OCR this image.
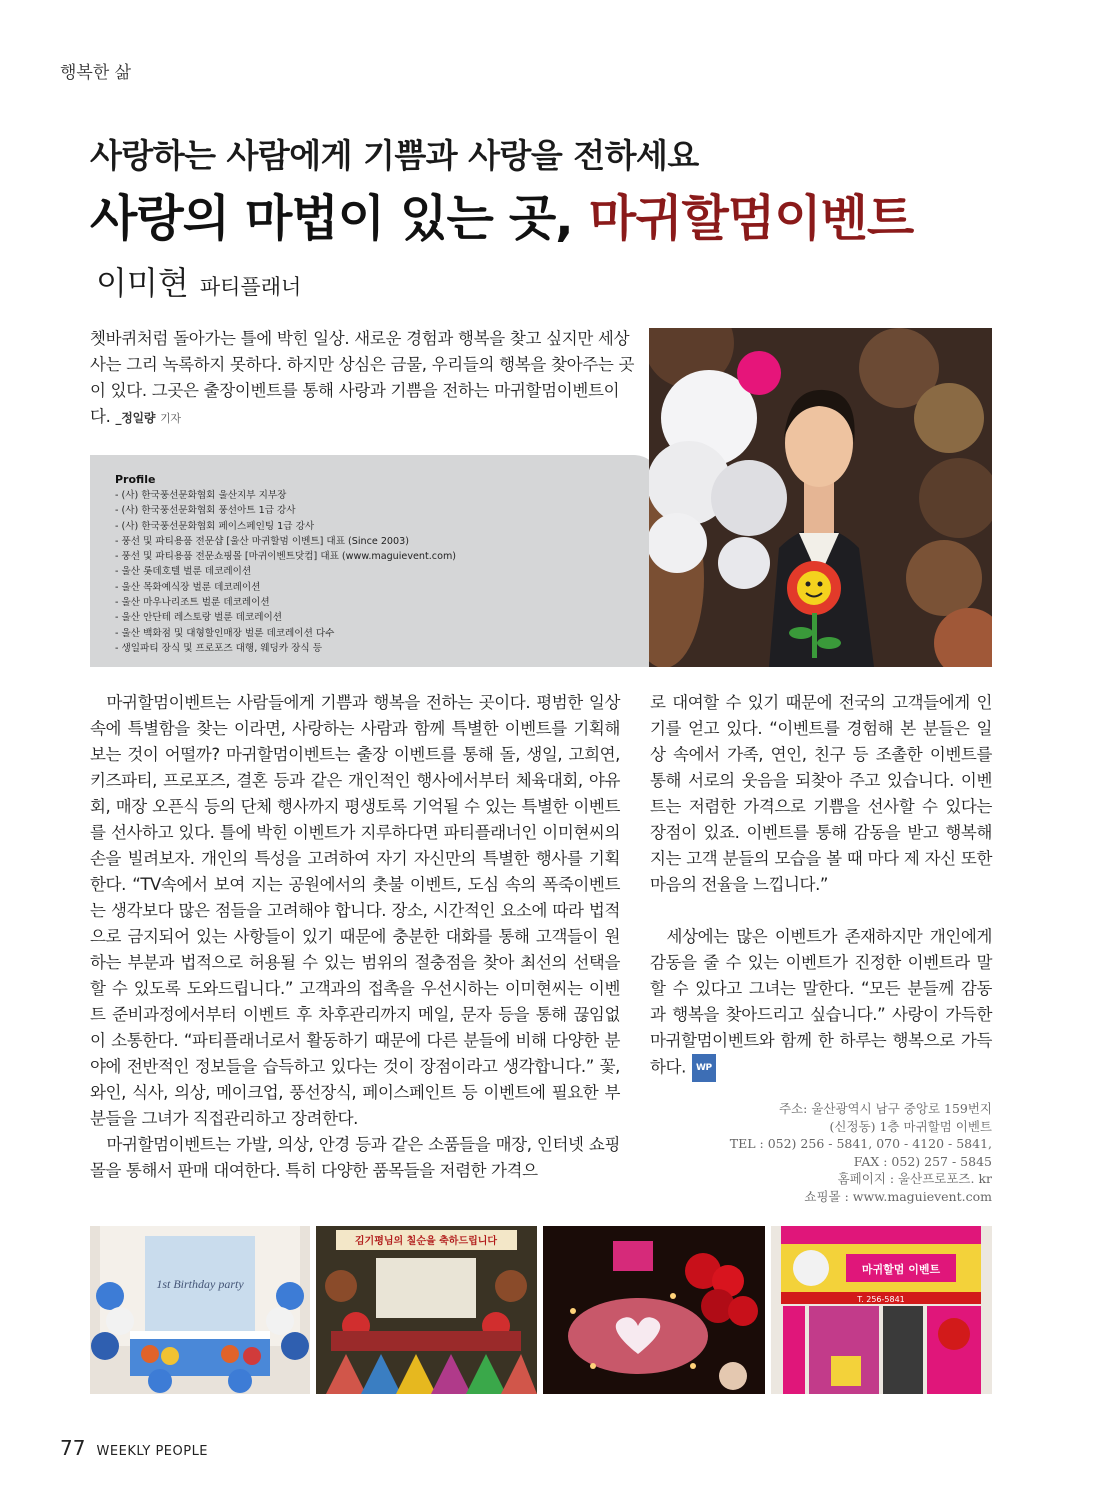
행복한 삶
사랑하는 사람에게 기쁨과 사랑을 전하세요
사랑의 마법이 있는 곳, 마귀할멈이벤트
이미현 파티플래너
쳇바퀴처럼 돌아가는 틀에 박힌 일상. 새로운 경험과 행복을 찾고 싶지만 세상사는 그리 녹록하지 못하다. 하지만 상심은 금물, 우리들의 행복을 찾아주는 곳이 있다. 그곳은 출장이벤트를 통해 사랑과 기쁨을 전하는 마귀할멈이벤트이다. _정일량 기자
Profile
- (사) 한국풍선문화협회 울산지부 지부장
- (사) 한국풍선문화협회 풍선아트 1급 강사
- (사) 한국풍선문화협회 페이스페인팅 1급 강사
- 풍선 및 파티용품 전문샵 [울산 마귀할멈 이벤트] 대표 (Since 2003)
- 풍선 및 파티용품 전문쇼핑몰 [마귀이벤트닷컴] 대표 (www.maguievent.com)
- 울산 롯데호텔 벌룬 데코레이션
- 울산 목화예식장 벌룬 데코레이션
- 울산 마우나리조트 벌룬 데코레이션
- 울산 안단테 레스토랑 벌룬 데코레이션
- 울산 백화점 및 대형할인매장 벌룬 데코레이션 다수
- 생일파티 장식 및 프로포즈 대행, 웨딩카 장식 등

마귀할멈이벤트는 사람들에게 기쁨과 행복을 전하는 곳이다. 평범한 일상 속에 특별함을 찾는 이라면, 사랑하는 사람과 함께 특별한 이벤트를 기획해 보는 것이 어떨까? 마귀할멈이벤트는 출장 이벤트를 통해 돌, 생일, 고희연, 키즈파티, 프로포즈, 결혼 등과 같은 개인적인 행사에서부터 체육대회, 야유회, 매장 오픈식 등의 단체 행사까지 평생토록 기억될 수 있는 특별한 이벤트를 선사하고 있다. 틀에 박힌 이벤트가 지루하다면 파티플래너인 이미현씨의 손을 빌려보자. 개인의 특성을 고려하여 자기 자신만의 특별한 행사를 기획한다. “TV속에서 보여 지는 공원에서의 촛불 이벤트, 도심 속의 폭죽이벤트는 생각보다 많은 점들을 고려해야 합니다. 장소, 시간적인 요소에 따라 법적으로 금지되어 있는 사항들이 있기 때문에 충분한 대화를 통해 고객들이 원하는 부분과 법적으로 허용될 수 있는 범위의 절충점을 찾아 최선의 선택을 할 수 있도록 도와드립니다.” 고객과의 접촉을 우선시하는 이미현씨는 이벤트 준비과정에서부터 이벤트 후 차후관리까지 메일, 문자 등을 통해 끊임없이 소통한다. “파티플래너로서 활동하기 때문에 다른 분들에 비해 다양한 분야에 전반적인 정보들을 습득하고 있다는 것이 장점이라고 생각합니다.” 꽃, 와인, 식사, 의상, 메이크업, 풍선장식, 페이스페인트 등 이벤트에 필요한 부분들을 그녀가 직접관리하고 장려한다.

마귀할멈이벤트는 가발, 의상, 안경 등과 같은 소품들을 매장, 인터넷 쇼핑몰을 통해서 판매 대여한다. 특히 다양한 품목들을 저렴한 가격으

로 대여할 수 있기 때문에 전국의 고객들에게 인기를 얻고 있다. “이벤트를 경험해 본 분들은 일상 속에서 가족, 연인, 친구 등 조촐한 이벤트를 통해 서로의 웃음을 되찾아 주고 있습니다. 이벤트는 저렴한 가격으로 기쁨을 선사할 수 있다는 장점이 있죠. 이벤트를 통해 감동을 받고 행복해지는 고객 분들의 모습을 볼 때 마다 제 자신 또한 마음의 전율을 느낍니다.”

세상에는 많은 이벤트가 존재하지만 개인에게 감동을 줄 수 있는 이벤트가 진정한 이벤트라 말할 수 있다고 그녀는 말한다. “모든 분들께 감동과 행복을 찾아드리고 싶습니다.” 사랑이 가득한 마귀할멈이벤트와 함께 한 하루는 행복으로 가득하다. WP

주소: 울산광역시 남구 중앙로 159번지
(신정동) 1층 마귀할멈 이벤트
TEL : 052) 256 - 5841, 070 - 4120 - 5841,
FAX : 052) 257 - 5845
홈페이지 : 울산프로포즈. kr
쇼핑몰 : www.maguievent.com
1st Birthday party
김기평님의 칠순을 축하드립니다
마귀할멈 이벤트
T. 256-5841
77 WEEKLY PEOPLE
